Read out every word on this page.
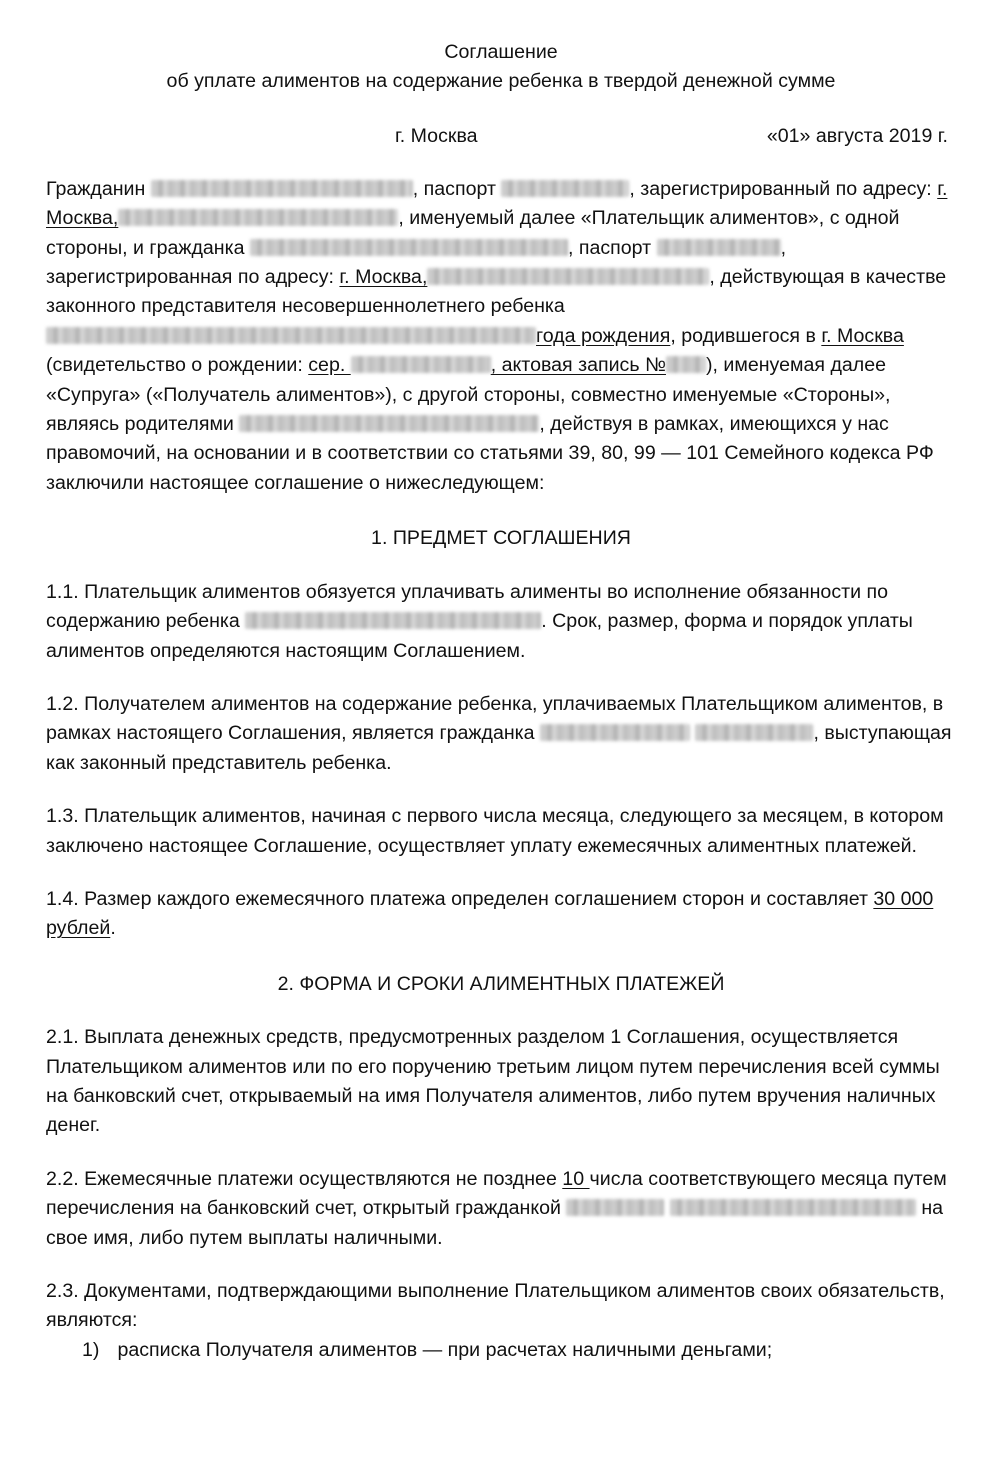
Соглашение

об уплате алиментов на содержание ребенка в твердой денежной сумме

г. Москва	«01» августа 2019 г.

Гражданин	, паспорт	, зарегистрированный по адресу: г. Москва,	, именуемый далее «Плательщик алиментов», с одной стороны, и гражданка	, паспорт	, зарегистрированная по адресу: г. Москва,	, действующая в качестве законного представителя несовершеннолетнего ребенка года рождения, родившегося в г. Москва (свидетельство о рождении: сер.	, актовая запись № ), именуемая далее «Супруга» («Получатель алиментов»), с другой стороны, совместно именуемые «Стороны», являясь родителями	, действуя в рамках, имеющихся у нас правомочий, на основании и в соответствии со статьями 39, 80, 99 — 101 Семейного кодекса РФ заключили настоящее соглашение о нижеследующем:

1. ПРЕДМЕТ СОГЛАШЕНИЯ

1.1. Плательщик алиментов обязуется уплачивать алименты во исполнение обязанности по содержанию ребенка	. Срок, размер, форма и порядок уплаты алиментов определяются настоящим Соглашением.

1.2. Получателем алиментов на содержание ребенка, уплачиваемых Плательщиком алиментов, в рамках настоящего Соглашения, является гражданка	, выступающая как законный представитель ребенка.

1.3. Плательщик алиментов, начиная с первого числа месяца, следующего за месяцем, в котором заключено настоящее Соглашение, осуществляет уплату ежемесячных алиментных платежей.

1.4. Размер каждого ежемесячного платежа определен соглашением сторон и составляет 30 000 рублей.

2. ФОРМА И СРОКИ АЛИМЕНТНЫХ ПЛАТЕЖЕЙ

2.1. Выплата денежных средств, предусмотренных разделом 1 Соглашения, осуществляется Плательщиком алиментов или по его поручению третьим лицом путем перечисления всей суммы на банковский счет, открываемый на имя Получателя алиментов, либо путем вручения наличных денег.

2.2. Ежемесячные платежи осуществляются не позднее 10 числа соответствующего месяца путем перечисления на банковский счет, открытый гражданкой	на свое имя, либо путем выплаты наличными.

2.3. Документами, подтверждающими выполнение Плательщиком алиментов своих обязательств, являются:

1) расписка Получателя алиментов — при расчетах наличными деньгами;
